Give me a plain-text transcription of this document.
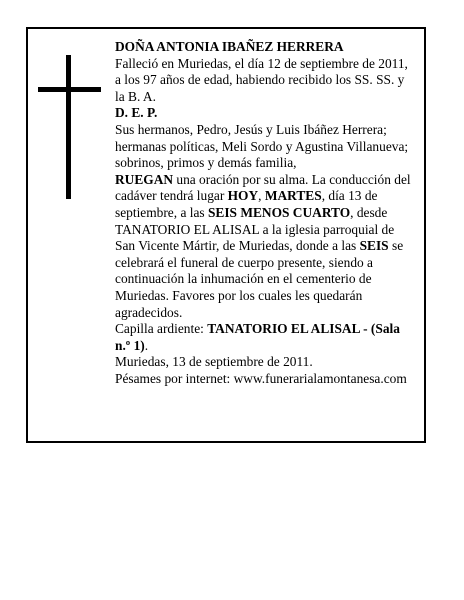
DOÑA ANTONIA IBAÑEZ HERRERA

Falleció en Muriedas, el día 12 de septiembre de 2011, a los 97 años de edad, habiendo recibido los SS. SS. y la B. A.

D. E. P.

Sus hermanos, Pedro, Jesús y Luis Ibáñez Herrera; hermanas políticas, Meli Sordo y Agustina Villanueva; sobrinos, primos y demás familia,

RUEGAN una oración por su alma. La conducción del cadáver tendrá lugar HOY, MARTES, día 13 de septiembre, a las SEIS MENOS CUARTO, desde TANATORIO EL ALISAL a la iglesia parroquial de San Vicente Mártir, de Muriedas, donde a las SEIS se celebrará el funeral de cuerpo presente, siendo a continuación la inhumación en el cementerio de Muriedas. Favores por los cuales les quedarán agradecidos.

Capilla ardiente: TANATORIO EL ALISAL - (Sala n.º 1).

Muriedas, 13 de septiembre de 2011.

Pésames por internet: www.funerarialamontanesa.com
